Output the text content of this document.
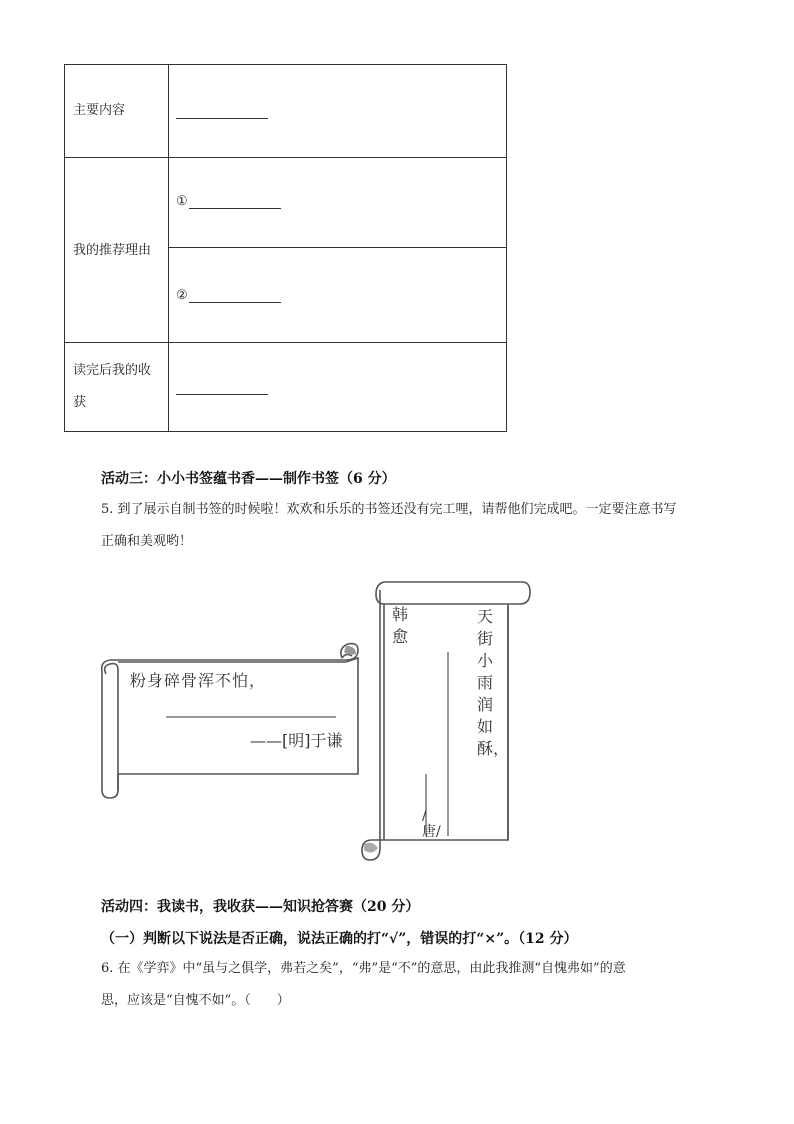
主要内容
我的推荐理由
①
②
读完后我的收
获
活动三：小小书签蕴书香——制作书签（6 分）
5. 到了展示自制书签的时候啦！欢欢和乐乐的书签还没有完工哩，请帮他们完成吧。一定要注意书写
正确和美观哟！
粉身碎骨浑不怕，
——[明]于谦
韩愈
天街小雨润如酥，
/唐/
活动四：我读书，我收获——知识抢答赛（20 分）
（一）判断以下说法是否正确，说法正确的打“√”，错误的打“×”。（12 分）
6. 在《学弈》中“虽与之俱学，弗若之矣”，“弗”是“不”的意思，由此我推测“自愧弗如”的意
思，应该是“自愧不如”。（　　）
